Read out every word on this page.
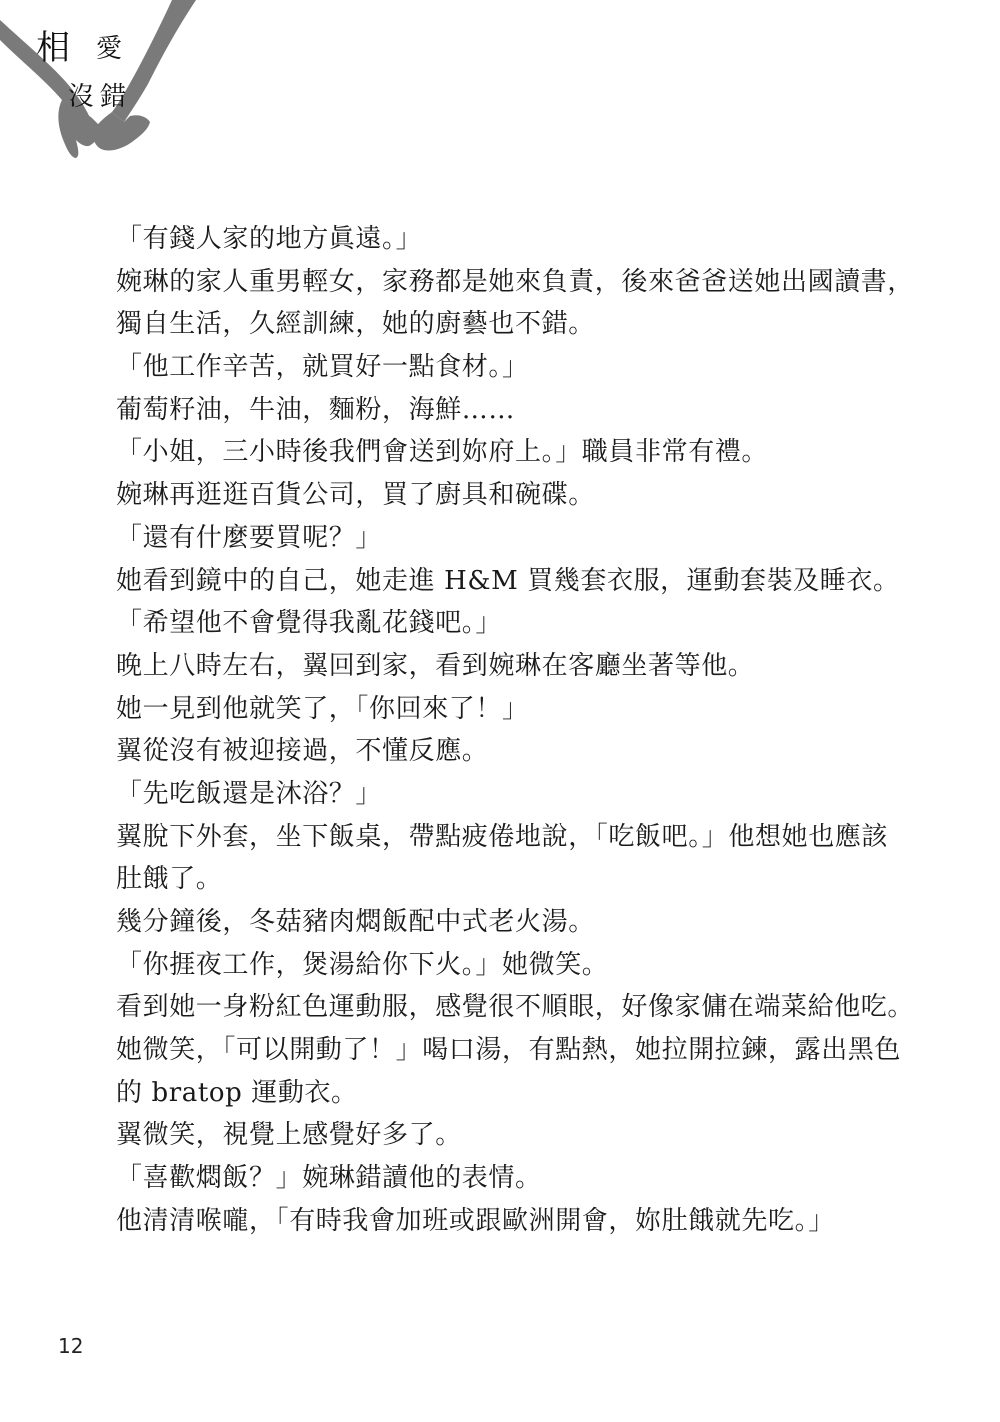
相 愛
沒錯
「有錢人家的地方眞遠。」
婉琳的家人重男輕女，家務都是她來負責，後來爸爸送她出國讀書，
獨自生活，久經訓練，她的廚藝也不錯。
「他工作辛苦，就買好一點食材。」
葡萄籽油，牛油，麵粉，海鮮……
「小姐，三小時後我們會送到妳府上。」職員非常有禮。
婉琳再逛逛百貨公司，買了廚具和碗碟。
「還有什麼要買呢？」
她看到鏡中的自己，她走進 H&M 買幾套衣服，運動套裝及睡衣。
「希望他不會覺得我亂花錢吧。」
晚上八時左右，翼回到家，看到婉琳在客廳坐著等他。
她一見到他就笑了，「你回來了！」
翼從沒有被迎接過，不懂反應。
「先吃飯還是沐浴？」
翼脫下外套，坐下飯桌，帶點疲倦地說，「吃飯吧。」他想她也應該
肚餓了。
幾分鐘後，冬菇豬肉燜飯配中式老火湯。
「你捱夜工作，煲湯給你下火。」她微笑。
看到她一身粉紅色運動服，感覺很不順眼，好像家傭在端菜給他吃。
她微笑，「可以開動了！」喝口湯，有點熱，她拉開拉鍊，露出黑色
的 bratop 運動衣。
翼微笑，視覺上感覺好多了。
「喜歡燜飯？」婉琳錯讀他的表情。
他清清喉嚨，「有時我會加班或跟歐洲開會，妳肚餓就先吃。」
12
